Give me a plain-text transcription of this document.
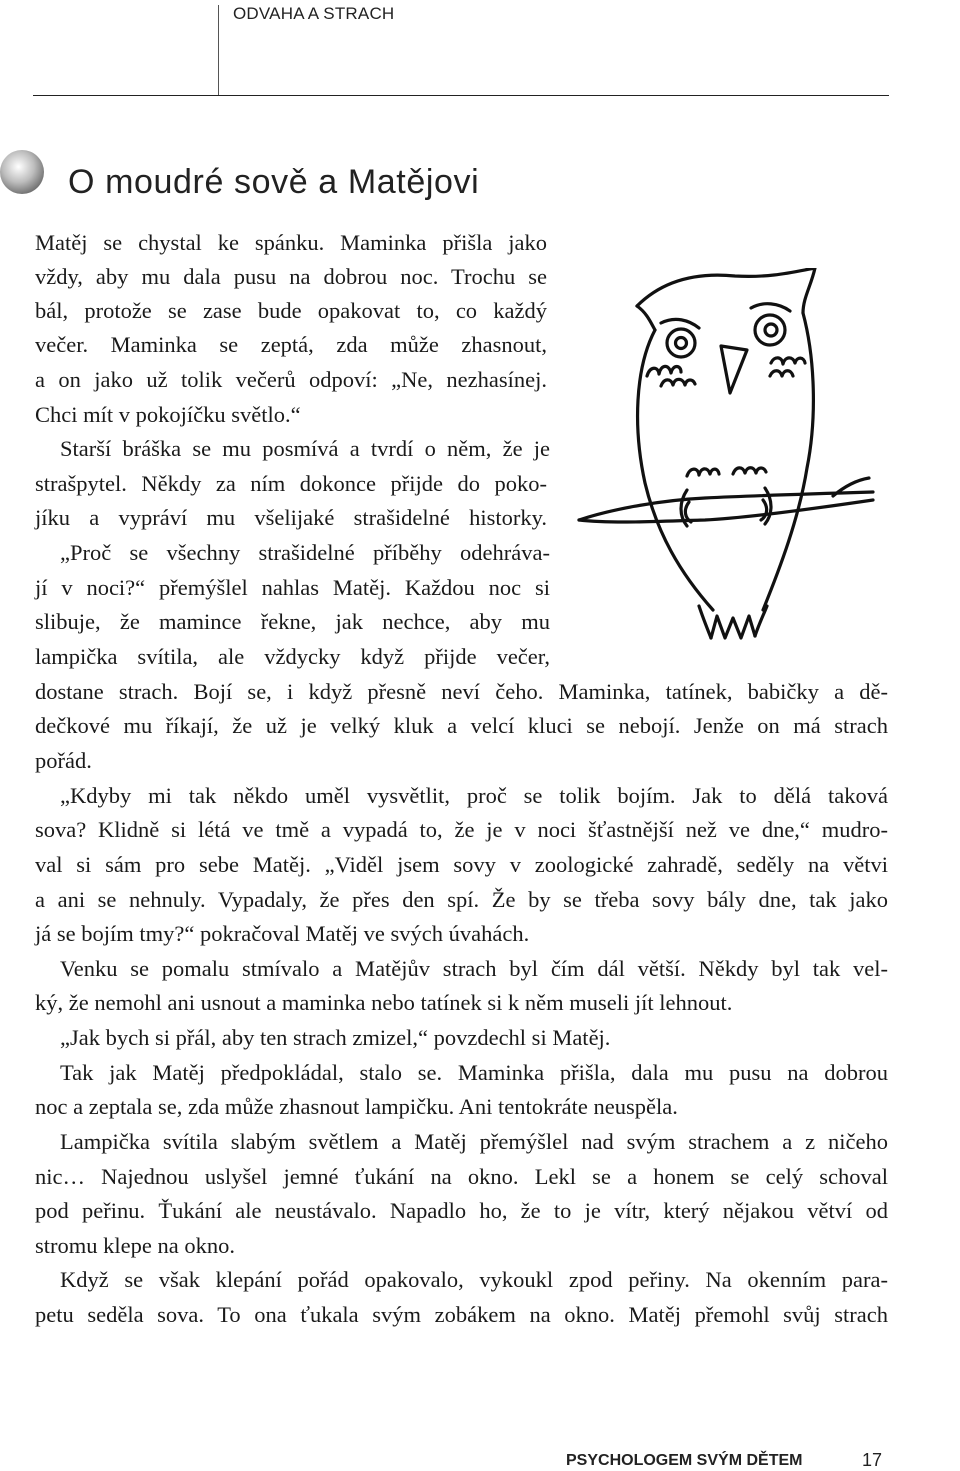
ODVAHA A STRACH
O moudré sově a Matějovi
Matěj se chystal ke spánku. Maminka přišla jako
vždy, aby mu dala pusu na dobrou noc. Trochu se
bál, protože se zase bude opakovat to, co každý
večer. Maminka se zeptá, zda může zhasnout,
a on jako už tolik večerů odpoví: „Ne, nezhasínej.
Chci mít v pokojíčku světlo.“
Starší bráška se mu posmívá a tvrdí o něm, že je
strašpytel. Někdy za ním dokonce přijde do poko-
jíku a vypráví mu všelijaké strašidelné historky.
„Proč se všechny strašidelné příběhy odehráva-
jí v noci?“ přemýšlel nahlas Matěj. Každou noc si
slibuje, že mamince řekne, jak nechce, aby mu
lampička svítila, ale vždycky když přijde večer,
dostane strach. Bojí se, i když přesně neví čeho. Maminka, tatínek, babičky a dě-
dečkové mu říkají, že už je velký kluk a velcí kluci se nebojí. Jenže on má strach
pořád.
„Kdyby mi tak někdo uměl vysvětlit, proč se tolik bojím. Jak to dělá taková
sova? Klidně si létá ve tmě a vypadá to, že je v noci šťastnější než ve dne,“ mudro-
val si sám pro sebe Matěj. „Viděl jsem sovy v zoologické zahradě, seděly na větvi
a ani se nehnuly. Vypadaly, že přes den spí. Že by se třeba sovy bály dne, tak jako
já se bojím tmy?“ pokračoval Matěj ve svých úvahách.
Venku se pomalu stmívalo a Matějův strach byl čím dál větší. Někdy byl tak vel-
ký, že nemohl ani usnout a maminka nebo tatínek si k něm museli jít lehnout.
„Jak bych si přál, aby ten strach zmizel,“ povzdechl si Matěj.
Tak jak Matěj předpokládal, stalo se. Maminka přišla, dala mu pusu na dobrou
noc a zeptala se, zda může zhasnout lampičku. Ani tentokráte neuspěla.
Lampička svítila slabým světlem a Matěj přemýšlel nad svým strachem a z ničeho
nic… Najednou uslyšel jemné ťukání na okno. Lekl se a honem se celý schoval
pod peřinu. Ťukání ale neustávalo. Napadlo ho, že to je vítr, který nějakou větví od
stromu klepe na okno.
Když se však klepání pořád opakovalo, vykoukl zpod peřiny. Na okenním para-
petu seděla sova. To ona ťukala svým zobákem na okno. Matěj přemohl svůj strach
PSYCHOLOGEM SVÝM DĚTEM	17
